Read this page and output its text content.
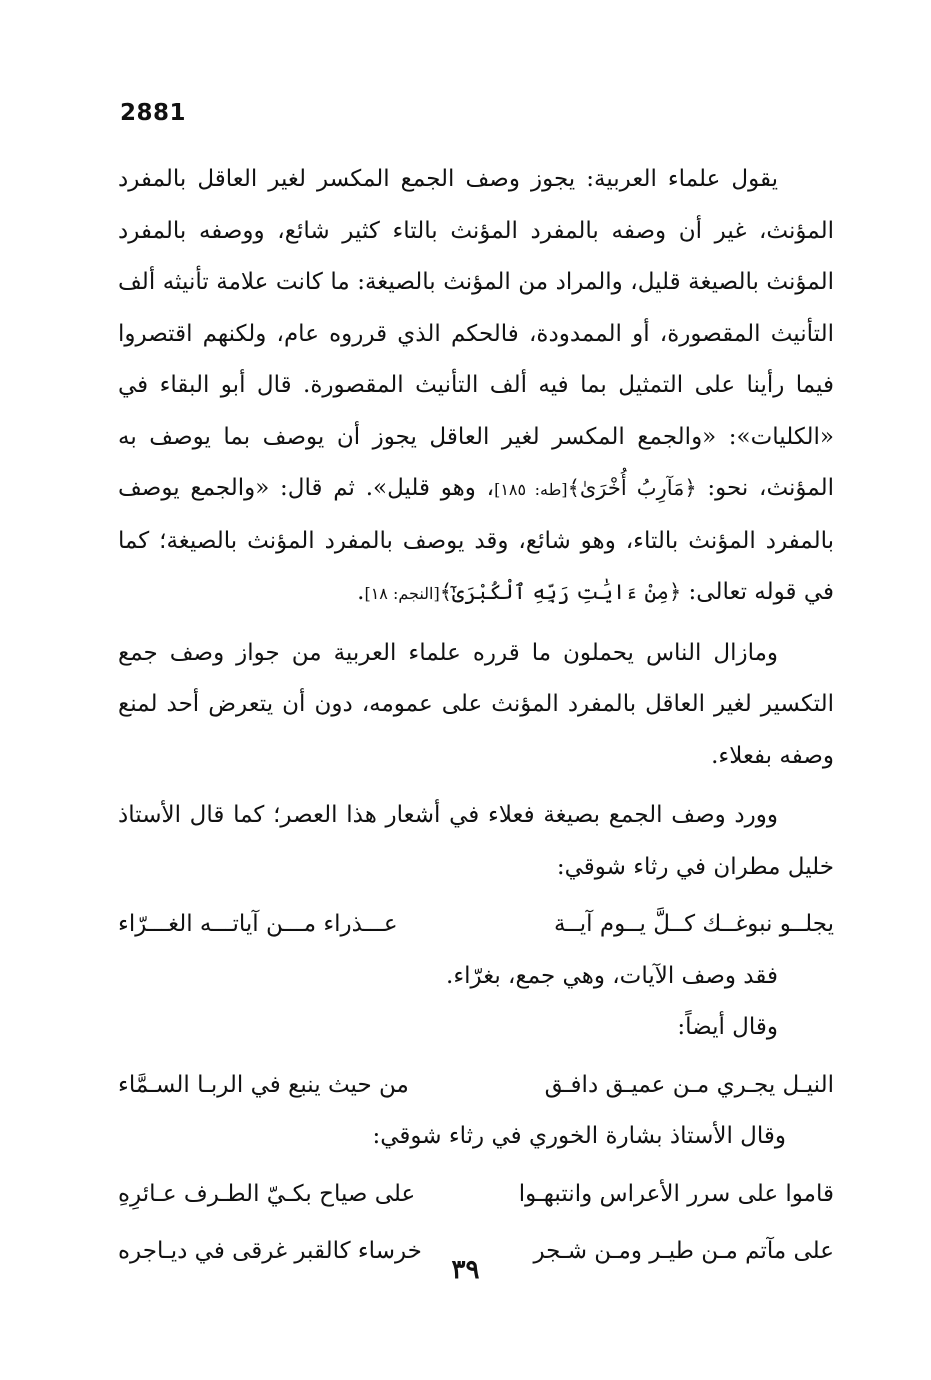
2881

يقول علماء العربية: يجوز وصف الجمع المكسر لغير العاقل بالمفرد المؤنث، غير أن وصفه بالمفرد المؤنث بالتاء كثير شائع، ووصفه بالمفرد المؤنث بالصيغة قليل، والمراد من المؤنث بالصيغة: ما كانت علامة تأنيثه ألف التأنيث المقصورة، أو الممدودة، فالحكم الذي قرروه عام، ولكنهم اقتصروا فيما رأينا على التمثيل بما فيه ألف التأنيث المقصورة. قال أبو البقاء في «الكليات»: «والجمع المكسر لغير العاقل يجوز أن يوصف بما يوصف به المؤنث، نحو: ﴿مَآرِبُ أُخْرَىٰ﴾[طه: ١٨٥]، وهو قليل». ثم قال: «والجمع يوصف بالمفرد المؤنث بالتاء، وهو شائع، وقد يوصف بالمفرد المؤنث بالصيغة؛ كما في قوله تعالى: ﴿مِنْ ءَايَٰتِ رَبِّهِ ٱلْكُبْرَىٰٓ﴾[النجم: ١٨].

ومازال الناس يحملون ما قرره علماء العربية من جواز وصف جمع التكسير لغير العاقل بالمفرد المؤنث على عمومه، دون أن يتعرض أحد لمنع وصفه بفعلاء.

وورد وصف الجمع بصيغة فعلاء في أشعار هذا العصر؛ كما قال الأستاذ خليل مطران في رثاء شوقي:

يجلــو نبوغــك كــلَّ يــوم آيــة
عـــذراء مـــن آياتـــه الغـــرّاء
فقد وصف الآيات، وهي جمع، بغرّاء.
وقال أيضاً:
النيـل يجـري مـن عميـق دافـق
من حيث ينبع في الربـا السـمَّاء
وقال الأستاذ بشارة الخوري في رثاء شوقي:
قاموا على سرر الأعراس وانتبهـوا
على صياح بكـيّ الطـرف عـائرِهِ
على مآتم مـن طيـر ومـن شـجر
خرساء كالقبر غرقى في ديـاجره
٣٩
